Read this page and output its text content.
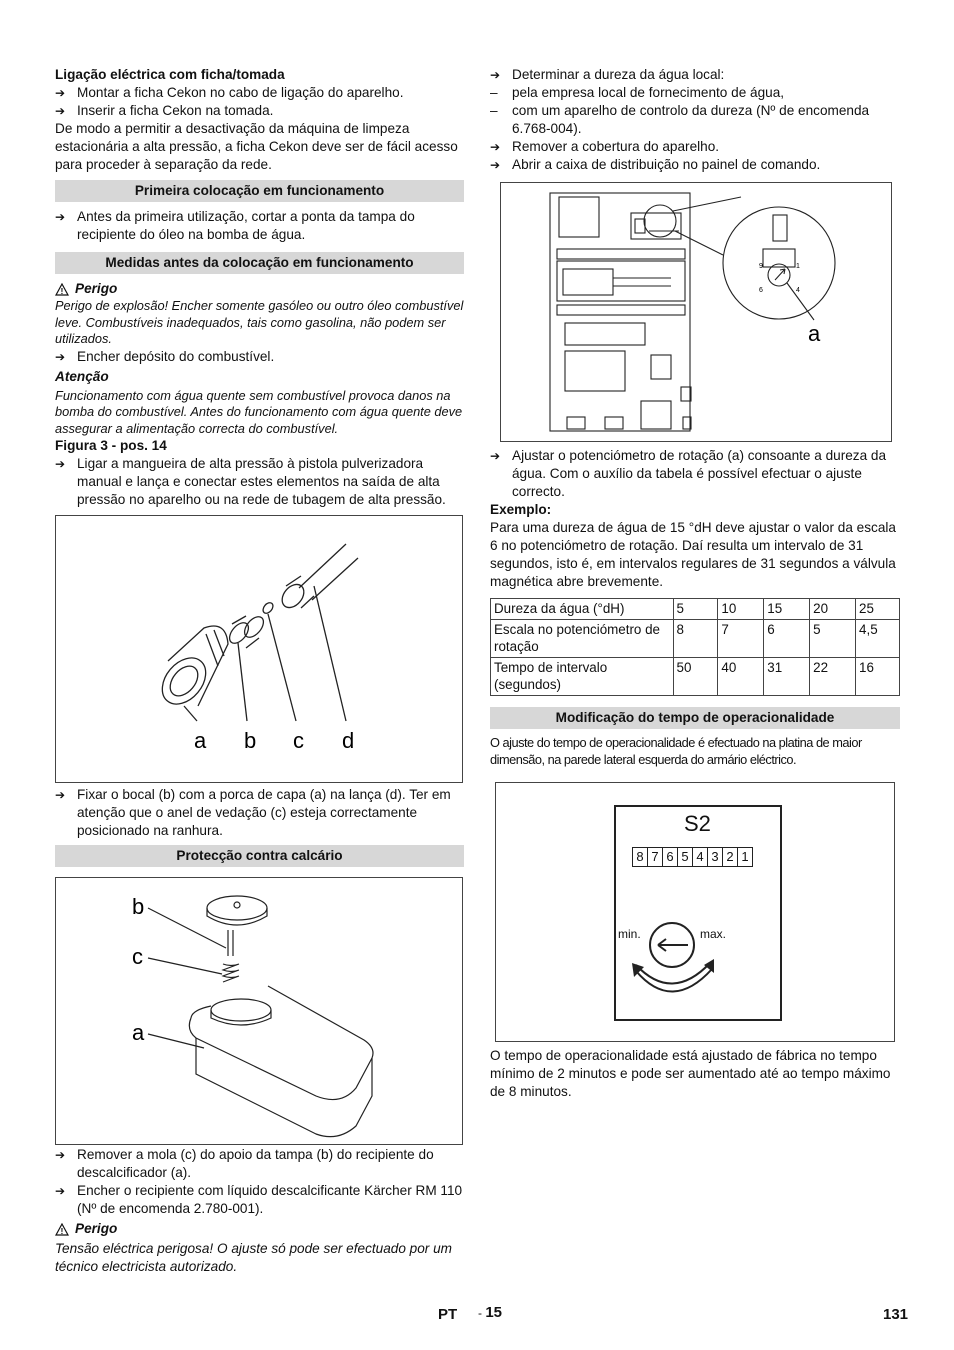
Ligação eléctrica com ficha/tomada

➔ Montar a ficha Cekon no cabo de ligação do aparelho.
➔ Inserir a ficha Cekon na tomada.

De modo a permitir a desactivação da máquina de limpeza estacionária a alta pressão, a ficha Cekon deve ser de fácil acesso para proceder à separação da rede.

Primeira colocação em funcionamento
➔ Antes da primeira utilização, cortar a ponta da tampa do recipiente do óleo na bomba de água.
Medidas antes da colocação em funcionamento
! Perigo

Perigo de explosão! Encher somente gasóleo ou outro óleo combustível leve. Combustíveis inadequados, tais como gasolina, não podem ser utilizados.

➔ Encher depósito do combustível.

Atenção

Funcionamento com água quente sem combustível provoca danos na bomba do combustível. Antes do funcionamento com água quente deve assegurar a alimentação correcta do combustível.

Figura 3 - pos. 14

➔ Ligar a mangueira de alta pressão à pistola pulverizadora manual e lança e conectar estes elementos na saída de alta pressão no aparelho ou na rede de tubagem de alta pressão.
a b c d
➔ Fixar o bocal (b) com a porca de capa (a) na lança (d). Ter em atenção que o anel de vedação (c) esteja correctamente posicionado na ranhura.
Protecção contra calcário
b
c
a
➔ Remover a mola (c) do apoio da tampa (b) do recipiente do descalcificador (a).
➔ Encher o recipiente com líquido descalcificante Kärcher RM 110 (Nº de encomenda 2.780-001).
! Perigo

Tensão eléctrica perigosa! O ajuste só pode ser efectuado por um técnico electricista autorizado.

➔ Determinar a dureza da água local:
–	pela empresa local de fornecimento de água,
–	com um aparelho de controlo da dureza (Nº de encomenda 6.768-004).
➔ Remover a cobertura do aparelho.
➔ Abrir a caixa de distribuição no painel de comando.
9	1
6	4
a
➔ Ajustar o potenciómetro de rotação (a) consoante a dureza da água. Com o auxílio da tabela é possível efectuar o ajuste correcto.

Exemplo:

Para uma dureza de água de 15 °dH deve ajustar o valor da escala 6 no potenciómetro de rotação. Daí resulta um intervalo de 31 segundos, isto é, em intervalos regulares de 31 segundos a válvula magnética abre brevemente.

Dureza da água (°dH)	5	10	15	20	25
Escala no potenciómetro de rotação	8	7	6	5	4,5
Tempo de intervalo (segundos)	50	40	31	22	16
Modificação do tempo de operacionalidade

O ajuste do tempo de operacionalidade é efectuado na platina de maior dimensão, na parede lateral esquerda do armário eléctrico.

S2
8 7 6 5 4 3 2 1
min.	max.

O tempo de operacionalidade está ajustado de fábrica no tempo mínimo de 2 minutos e pode ser aumentado até ao tempo máximo de 8 minutos.

PT - 15	131
